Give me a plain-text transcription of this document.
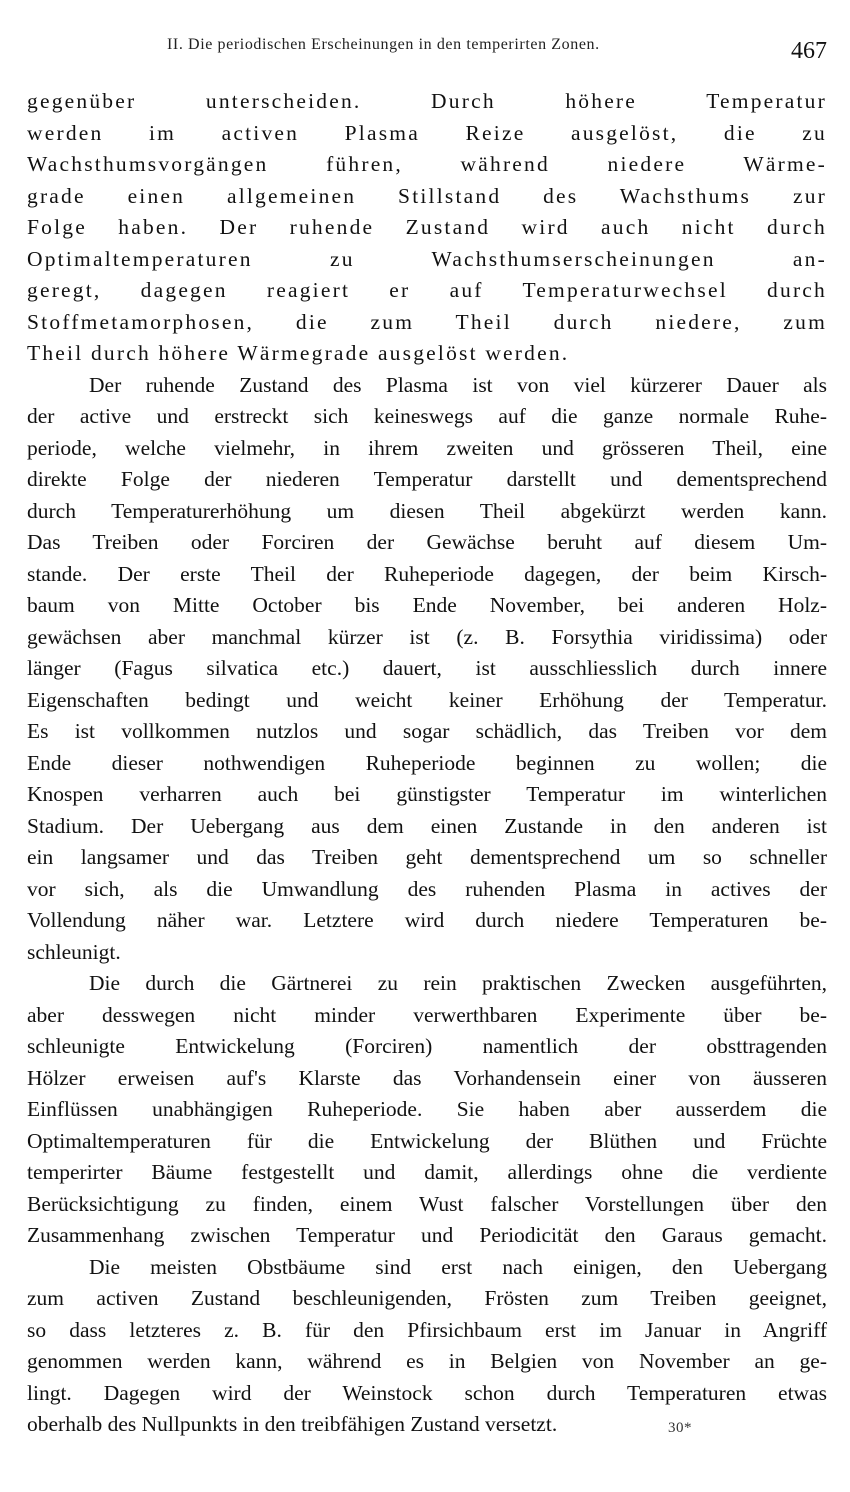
II. Die periodischen Erscheinungen in den temperirten Zonen.	467
gegenüber unterscheiden. Durch höhere Temperatur
werden im activen Plasma Reize ausgelöst, die zu
Wachsthumsvorgängen führen, während niedere Wärme-
grade einen allgemeinen Stillstand des Wachsthums zur
Folge haben. Der ruhende Zustand wird auch nicht durch
Optimaltemperaturen zu Wachsthumserscheinungen an-
geregt, dagegen reagiert er auf Temperaturwechsel durch
Stoffmetamorphosen, die zum Theil durch niedere, zum
Theil durch höhere Wärmegrade ausgelöst werden.
Der ruhende Zustand des Plasma ist von viel kürzerer Dauer als
der active und erstreckt sich keineswegs auf die ganze normale Ruhe-
periode, welche vielmehr, in ihrem zweiten und grösseren Theil, eine
direkte Folge der niederen Temperatur darstellt und dementsprechend
durch Temperaturerhöhung um diesen Theil abgekürzt werden kann.
Das Treiben oder Forciren der Gewächse beruht auf diesem Um-
stande. Der erste Theil der Ruheperiode dagegen, der beim Kirsch-
baum von Mitte October bis Ende November, bei anderen Holz-
gewächsen aber manchmal kürzer ist (z. B. Forsythia viridissima) oder
länger (Fagus silvatica etc.) dauert, ist ausschliesslich durch innere
Eigenschaften bedingt und weicht keiner Erhöhung der Temperatur.
Es ist vollkommen nutzlos und sogar schädlich, das Treiben vor dem
Ende dieser nothwendigen Ruheperiode beginnen zu wollen; die
Knospen verharren auch bei günstigster Temperatur im winterlichen
Stadium. Der Uebergang aus dem einen Zustande in den anderen ist
ein langsamer und das Treiben geht dementsprechend um so schneller
vor sich, als die Umwandlung des ruhenden Plasma in actives der
Vollendung näher war. Letztere wird durch niedere Temperaturen be-
schleunigt.
Die durch die Gärtnerei zu rein praktischen Zwecken ausgeführten,
aber desswegen nicht minder verwerthbaren Experimente über be-
schleunigte Entwickelung (Forciren) namentlich der obsttragenden
Hölzer erweisen auf's Klarste das Vorhandensein einer von äusseren
Einflüssen unabhängigen Ruheperiode. Sie haben aber ausserdem die
Optimaltemperaturen für die Entwickelung der Blüthen und Früchte
temperirter Bäume festgestellt und damit, allerdings ohne die verdiente
Berücksichtigung zu finden, einem Wust falscher Vorstellungen über den
Zusammenhang zwischen Temperatur und Periodicität den Garaus gemacht.
Die meisten Obstbäume sind erst nach einigen, den Uebergang
zum activen Zustand beschleunigenden, Frösten zum Treiben geeignet,
so dass letzteres z. B. für den Pfirsichbaum erst im Januar in Angriff
genommen werden kann, während es in Belgien von November an ge-
lingt. Dagegen wird der Weinstock schon durch Temperaturen etwas
oberhalb des Nullpunkts in den treibfähigen Zustand versetzt.	30*
